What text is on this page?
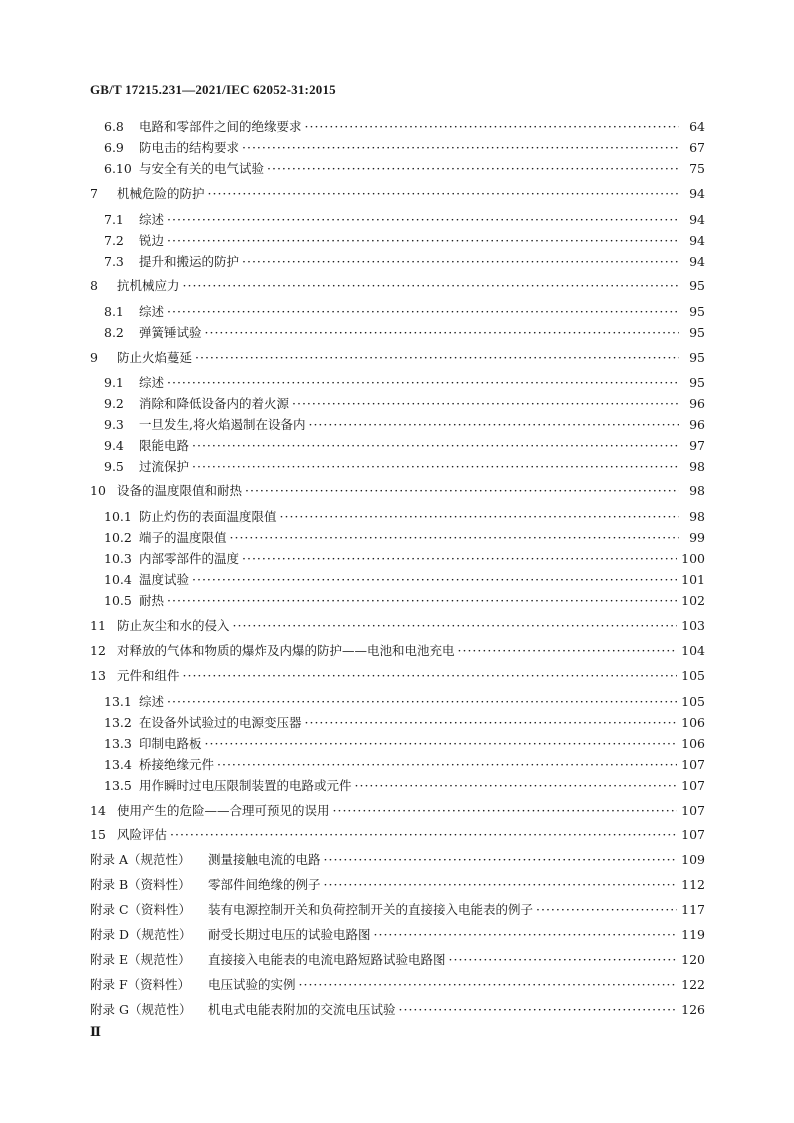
GB/T 17215.231—2021/IEC 62052-31:2015
6.8	电路和零部件之间的绝缘要求 ·····	64
6.9	防电击的结构要求 ·····	67
6.10 与安全有关的电气试验 ·····	75
7	机械危险的防护 ·····	94
7.1	综述 ·····	94
7.2	锐边 ·····	94
7.3	提升和搬运的防护 ·····	94
8	抗机械应力 ·····	95
8.1	综述 ·····	95
8.2	弹簧锤试验 ·····	95
9	防止火焰蔓延 ·····	95
9.1	综述 ·····	95
9.2	消除和降低设备内的着火源 ·····	96
9.3	一旦发生,将火焰遏制在设备内 ·····	96
9.4	限能电路 ·····	97
9.5	过流保护 ·····	98
10 设备的温度限值和耐热 ·····	98
10.1 防止灼伤的表面温度限值 ·····	98
10.2 端子的温度限值 ·····	99
10.3 内部零部件的温度 ·····	100
10.4 温度试验 ·····	101
10.5 耐热 ·····	102
11 防止灰尘和水的侵入 ·····	103
12 对释放的气体和物质的爆炸及内爆的防护——电池和电池充电 ·····	104
13 元件和组件 ·····	105
13.1 综述 ·····	105
13.2 在设备外试验过的电源变压器 ·····	106
13.3 印制电路板 ·····	106
13.4 桥接绝缘元件 ·····	107
13.5 用作瞬时过电压限制装置的电路或元件 ·····	107
14 使用产生的危险——合理可预见的误用 ·····	107
15 风险评估 ·····	107
附录 A（规范性）	测量接触电流的电路 ·····	109
附录 B（资料性）	零部件间绝缘的例子 ·····	112
附录 C（资料性）	装有电源控制开关和负荷控制开关的直接接入电能表的例子 ·····	117
附录 D（规范性）	耐受长期过电压的试验电路图 ·····	119
附录 E（规范性）	直接接入电能表的电流电路短路试验电路图 ·····	120
附录 F（资料性）	电压试验的实例 ·····	122
附录 G（规范性）	机电式电能表附加的交流电压试验 ·····	126
Ⅱ
